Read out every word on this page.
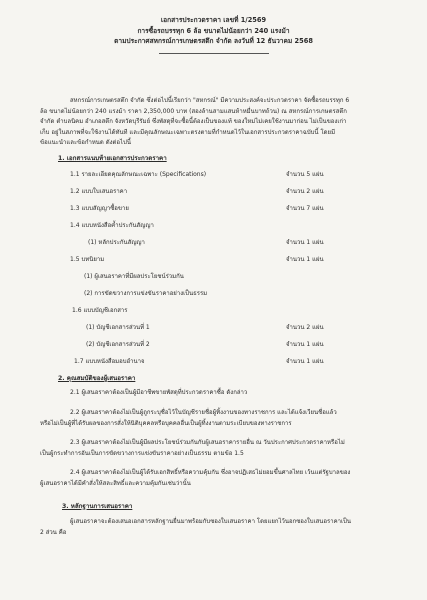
เอกสารประกวดราคา เลขที่ 1/2569
การซื้อรถบรรทุก 6 ล้อ ขนาดไม่น้อยกว่า 240 แรงม้า
ตามประกาศสหกรณ์การเกษตรสตึก จำกัด ลงวันที่ 12 ธันวาคม 2568
สหกรณ์การเกษตรสตึก จำกัด ซึ่งต่อไปนี้เรียกว่า "สหกรณ์" มีความประสงค์จะประกวดราคา จัดซื้อรถบรรทุก 6
ล้อ ขนาดไม่น้อยกว่า 240 แรงม้า ราคา 2,350,000 บาท (สองล้านสามแสนห้าหมื่นบาทถ้วน) ณ สหกรณ์การเกษตรสตึก
จำกัด ตำบลนิคม อำเภอสตึก จังหวัดบุรีรัมย์ ซึ่งพัสดุที่จะซื้อนี้ต้องเป็นของแท้ ของใหม่ไม่เคยใช้งานมาก่อน ไม่เป็นของเก่า
เก็บ อยู่ในสภาพที่จะใช้งานได้ทันที และมีคุณลักษณะเฉพาะตรงตามที่กำหนดไว้ในเอกสารประกวดราคาฉบับนี้ โดยมี
ข้อแนะนำและข้อกำหนด ดังต่อไปนี้
1. เอกสารแนบท้ายเอกสารประกวดราคา
1.1 รายละเอียดคุณลักษณะเฉพาะ (Specifications)	จำนวน 5 แผ่น
1.2 แบบใบเสนอราคา	จำนวน 2 แผ่น
1.3 แบบสัญญาซื้อขาย	จำนวน 7 แผ่น
1.4 แบบหนังสือค้ำประกันสัญญา
(1) หลักประกันสัญญา	จำนวน 1 แผ่น
1.5 บทนิยาม	จำนวน 1 แผ่น
(1) ผู้เสนอราคาที่มีผลประโยชน์ร่วมกัน
(2) การขัดขวางการแข่งขันราคาอย่างเป็นธรรม
1.6 แบบบัญชีเอกสาร
(1) บัญชีเอกสารส่วนที่ 1	จำนวน 2 แผ่น
(2) บัญชีเอกสารส่วนที่ 2	จำนวน 1 แผ่น
1.7 แบบหนังสือมอบอำนาจ	จำนวน 1 แผ่น
2. คุณสมบัติของผู้เสนอราคา
2.1 ผู้เสนอราคาต้องเป็นผู้มีอาชีพขายพัสดุที่ประกวดราคาซื้อ ดังกล่าว
2.2 ผู้เสนอราคาต้องไม่เป็นผู้ถูกระบุชื่อไว้ในบัญชีรายชื่อผู้ทิ้งงานของทางราชการ และได้แจ้งเวียนชื่อแล้ว
หรือไม่เป็นผู้ที่ได้รับผลของการสั่งให้นิติบุคคลหรือบุคคลอื่นเป็นผู้ทิ้งงานตามระเบียบของทางราชการ
2.3 ผู้เสนอราคาต้องไม่เป็นผู้มีผลประโยชน์ร่วมกันกับผู้เสนอราคารายอื่น ณ วันประกาศประกวดราคาหรือไม่
เป็นผู้กระทำการอันเป็นการขัดขวางการแข่งขันราคาอย่างเป็นธรรม ตามข้อ 1.5
2.4 ผู้เสนอราคาต้องไม่เป็นผู้ได้รับเอกสิทธิ์หรือความคุ้มกัน ซึ่งอาจปฏิเสธไม่ยอมขึ้นศาลไทย เว้นแต่รัฐบาลของ
ผู้เสนอราคาได้มีคำสั่งให้สละสิทธิ์และความคุ้มกันเช่นว่านั้น
3. หลักฐานการเสนอราคา
ผู้เสนอราคาจะต้องเสนอเอกสารหลักฐานยื่นมาพร้อมกับซองใบเสนอราคา โดยแยกไว้นอกซองใบเสนอราคาเป็น
2 ส่วน คือ
